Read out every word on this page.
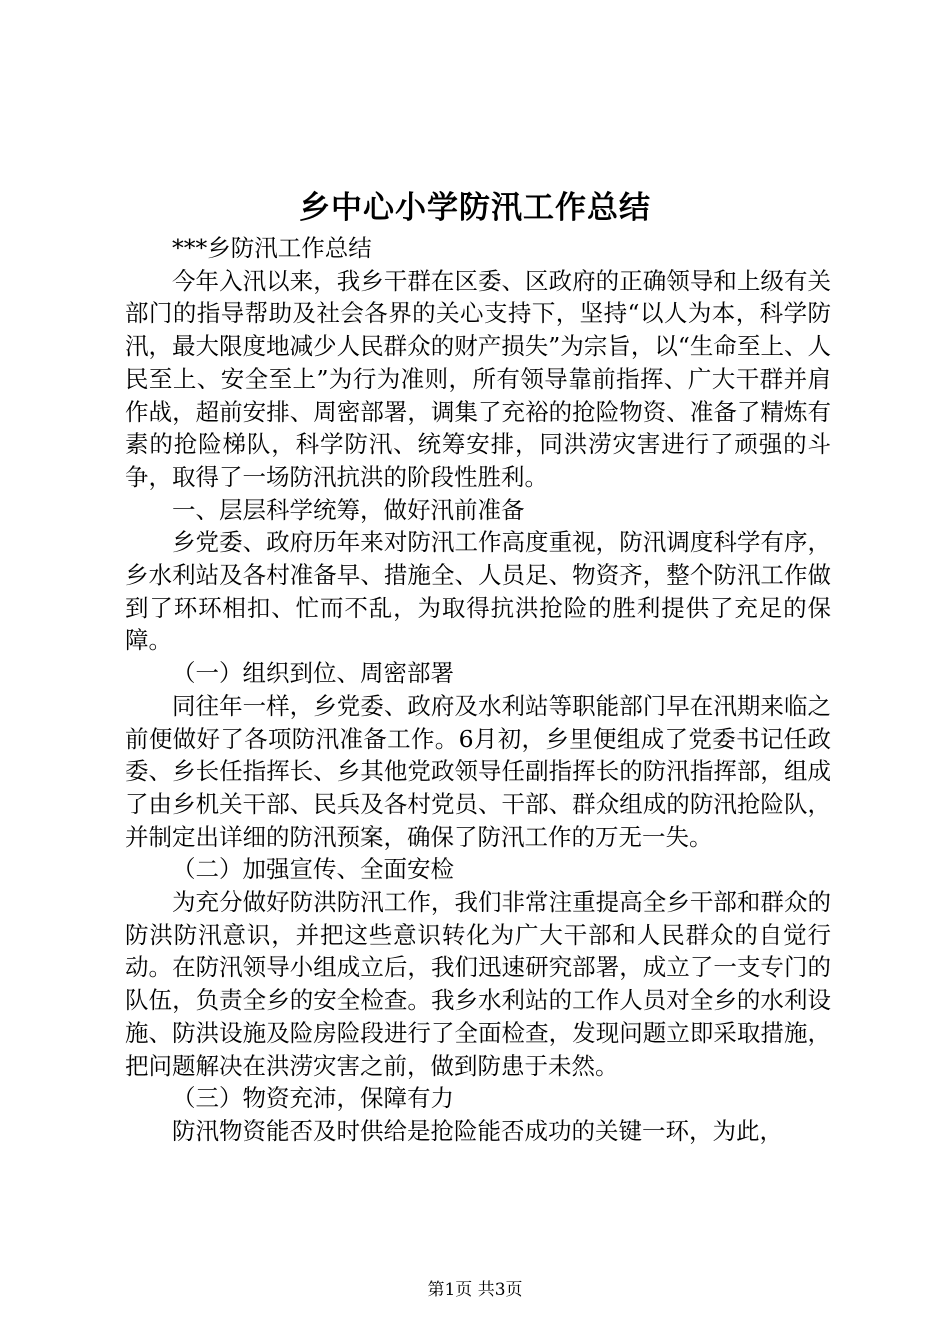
乡中心小学防汛工作总结

***乡防汛工作总结

今年入汛以来，我乡干群在区委、区政府的正确领导和上级有关部门的指导帮助及社会各界的关心支持下，坚持“以人为本，科学防汛，最大限度地减少人民群众的财产损失”为宗旨，以“生命至上、人民至上、安全至上”为行为准则，所有领导靠前指挥、广大干群并肩作战，超前安排、周密部署，调集了充裕的抢险物资、准备了精炼有素的抢险梯队，科学防汛、统筹安排，同洪涝灾害进行了顽强的斗争，取得了一场防汛抗洪的阶段性胜利。

一、层层科学统筹，做好汛前准备

乡党委、政府历年来对防汛工作高度重视，防汛调度科学有序，乡水利站及各村准备早、措施全、人员足、物资齐，整个防汛工作做到了环环相扣、忙而不乱，为取得抗洪抢险的胜利提供了充足的保障。

（一）组织到位、周密部署

同往年一样，乡党委、政府及水利站等职能部门早在汛期来临之前便做好了各项防汛准备工作。6月初，乡里便组成了党委书记任政委、乡长任指挥长、乡其他党政领导任副指挥长的防汛指挥部，组成了由乡机关干部、民兵及各村党员、干部、群众组成的防汛抢险队，并制定出详细的防汛预案，确保了防汛工作的万无一失。

（二）加强宣传、全面安检

为充分做好防洪防汛工作，我们非常注重提高全乡干部和群众的防洪防汛意识，并把这些意识转化为广大干部和人民群众的自觉行动。在防汛领导小组成立后，我们迅速研究部署，成立了一支专门的队伍，负责全乡的安全检查。我乡水利站的工作人员对全乡的水利设施、防洪设施及险房险段进行了全面检查，发现问题立即采取措施，把问题解决在洪涝灾害之前，做到防患于未然。

（三）物资充沛，保障有力

防汛物资能否及时供给是抢险能否成功的关键一环，为此，

第1页 共3页
